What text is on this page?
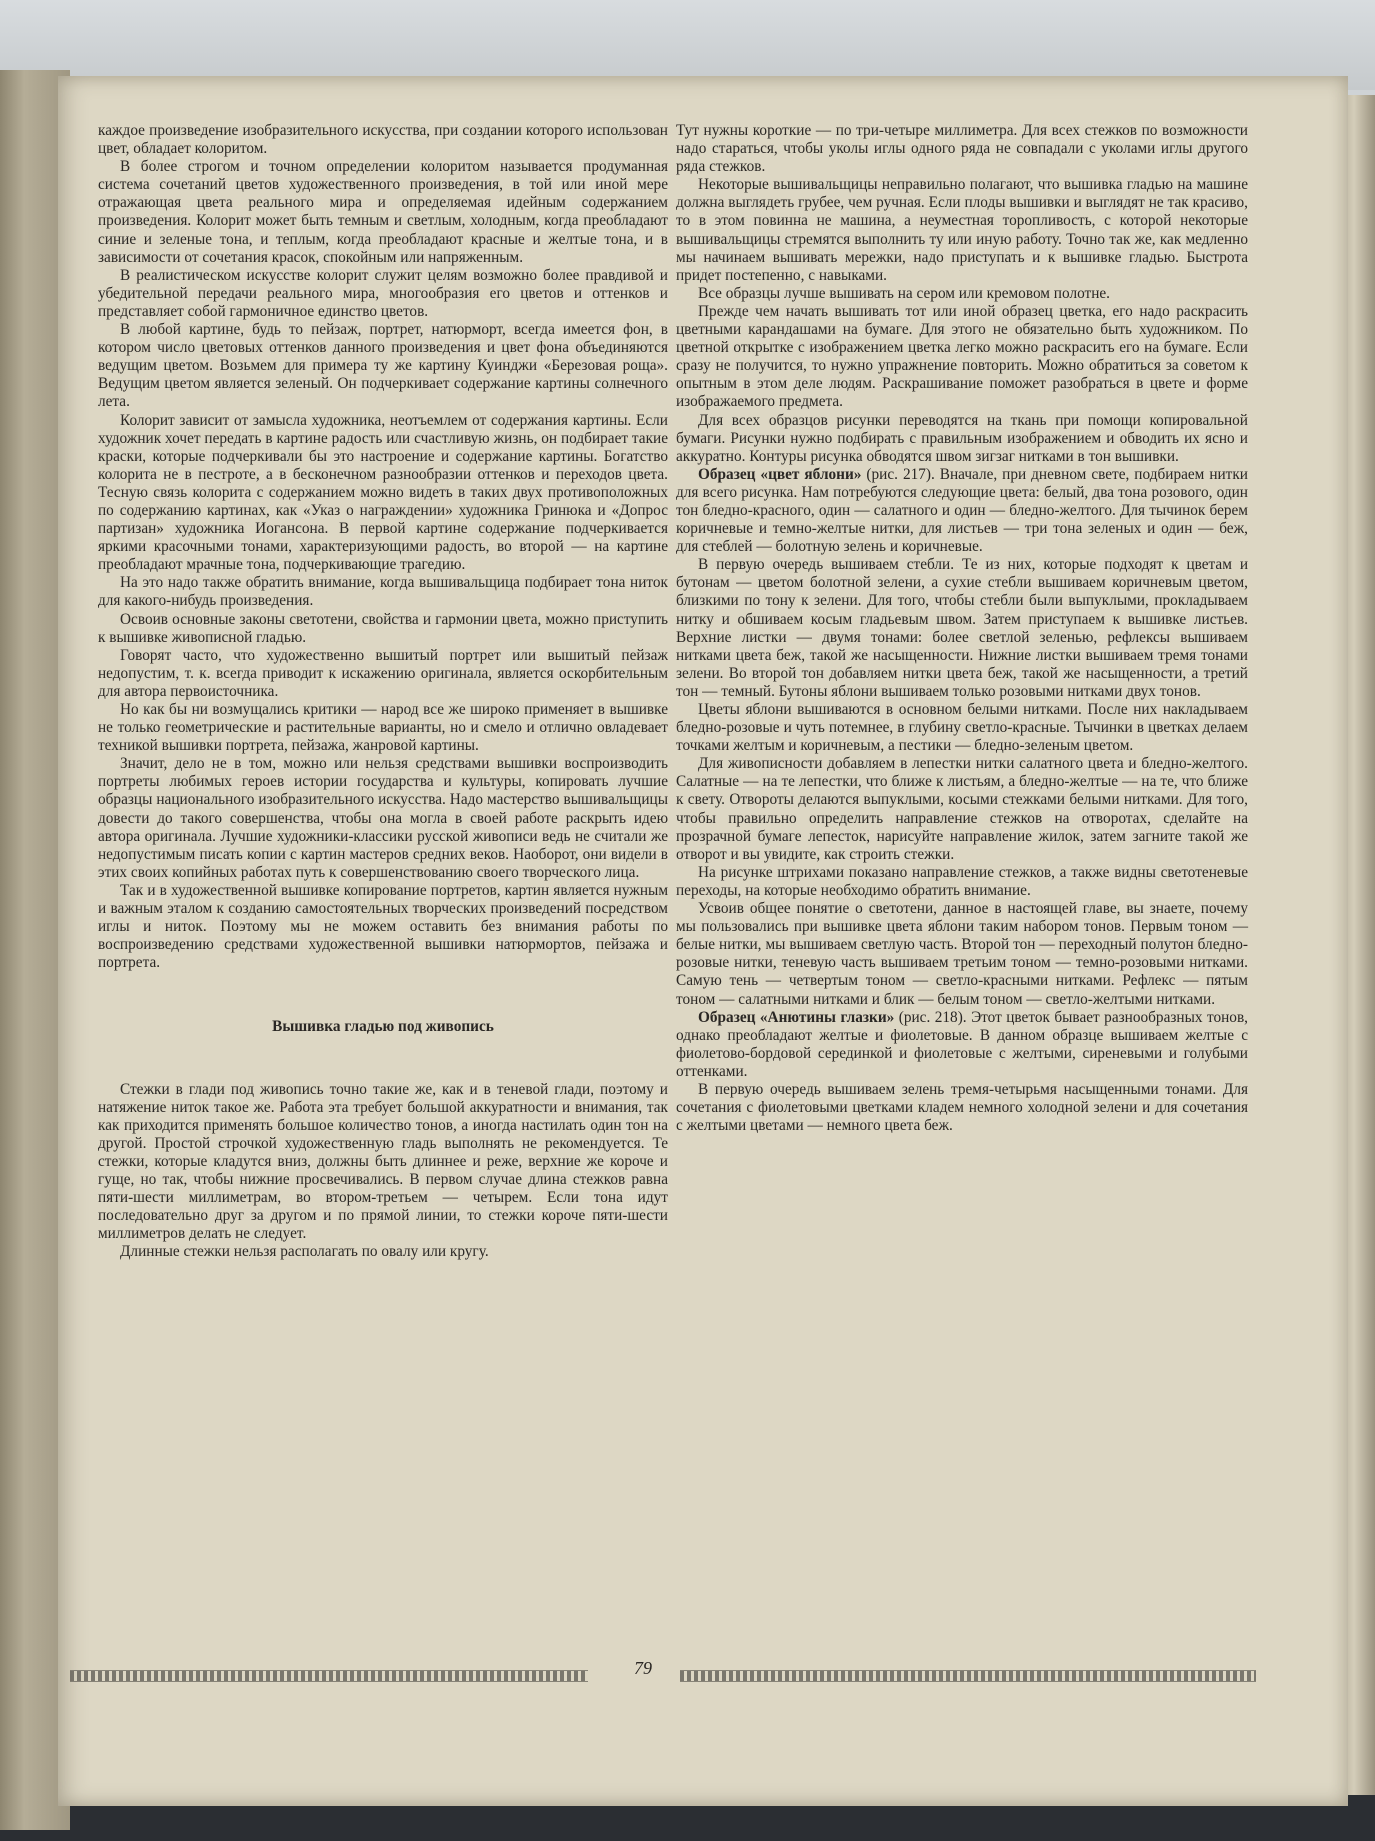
каждое произведение изобразительного искусства, при создании которого использован цвет, обладает колоритом.

В более строгом и точном определении колоритом называется продуманная система сочетаний цветов художественного произведения, в той или иной мере отражающая цвета реального мира и определяемая идейным содержанием произведения. Колорит может быть темным и светлым, холодным, когда преобладают синие и зеленые тона, и теплым, когда преобладают красные и желтые тона, и в зависимости от сочетания красок, спокойным или напряженным.

В реалистическом искусстве колорит служит целям возможно более правдивой и убедительной передачи реального мира, многообразия его цветов и оттенков и представляет собой гармоничное единство цветов.

В любой картине, будь то пейзаж, портрет, натюрморт, всегда имеется фон, в котором число цветовых оттенков данного произведения и цвет фона объединяются ведущим цветом. Возьмем для примера ту же картину Куинджи «Березовая роща». Ведущим цветом является зеленый. Он подчеркивает содержание картины солнечного лета.

Колорит зависит от замысла художника, неотъемлем от содержания картины. Если художник хочет передать в картине радость или счастливую жизнь, он подбирает такие краски, которые подчеркивали бы это настроение и содержание картины. Богатство колорита не в пестроте, а в бесконечном разнообразии оттенков и переходов цвета. Тесную связь колорита с содержанием можно видеть в таких двух противоположных по содержанию картинах, как «Указ о награждении» художника Гринюка и «Допрос партизан» художника Иогансона. В первой картине содержание подчеркивается яркими красочными тонами, характеризующими радость, во второй — на картине преобладают мрачные тона, подчеркивающие трагедию.

На это надо также обратить внимание, когда вышивальщица подбирает тона ниток для какого-нибудь произведения.

Освоив основные законы светотени, свойства и гармонии цвета, можно приступить к вышивке живописной гладью.

Говорят часто, что художественно вышитый портрет или вышитый пейзаж недопустим, т. к. всегда приводит к искажению оригинала, является оскорбительным для автора первоисточника.

Но как бы ни возмущались критики — народ все же широко применяет в вышивке не только геометрические и растительные варианты, но и смело и отлично овладевает техникой вышивки портрета, пейзажа, жанровой картины.

Значит, дело не в том, можно или нельзя средствами вышивки воспроизводить портреты любимых героев истории государства и культуры, копировать лучшие образцы национального изобразительного искусства. Надо мастерство вышивальщицы довести до такого совершенства, чтобы она могла в своей работе раскрыть идею автора оригинала. Лучшие художники-классики русской живописи ведь не считали же недопустимым писать копии с картин мастеров средних веков. Наоборот, они видели в этих своих копийных работах путь к совершенствованию своего творческого лица.

Так и в художественной вышивке копирование портретов, картин является нужным и важным эталом к созданию самостоятельных творческих произведений посредством иглы и ниток. Поэтому мы не можем оставить без внимания работы по воспроизведению средствами художественной вышивки натюрмортов, пейзажа и портрета.

Вышивка гладью под живопись

Стежки в глади под живопись точно такие же, как и в теневой глади, поэтому и натяжение ниток такое же. Работа эта требует большой аккуратности и внимания, так как приходится применять большое количество тонов, а иногда настилать один тон на другой. Простой строчкой художественную гладь выполнять не рекомендуется. Те стежки, которые кладутся вниз, должны быть длиннее и реже, верхние же короче и гуще, но так, чтобы нижние просвечивались. В первом случае длина стежков равна пяти-шести миллиметрам, во втором-третьем — четырем. Если тона идут последовательно друг за другом и по прямой линии, то стежки короче пяти-шести миллиметров делать не следует.

Длинные стежки нельзя располагать по овалу или кругу.

Тут нужны короткие — по три-четыре миллиметра. Для всех стежков по возможности надо стараться, чтобы уколы иглы одного ряда не совпадали с уколами иглы другого ряда стежков.

Некоторые вышивальщицы неправильно полагают, что вышивка гладью на машине должна выглядеть грубее, чем ручная. Если плоды вышивки и выглядят не так красиво, то в этом повинна не машина, а неуместная торопливость, с которой некоторые вышивальщицы стремятся выполнить ту или иную работу. Точно так же, как медленно мы начинаем вышивать мережки, надо приступать и к вышивке гладью. Быстрота придет постепенно, с навыками.

Все образцы лучше вышивать на сером или кремовом полотне.

Прежде чем начать вышивать тот или иной образец цветка, его надо раскрасить цветными карандашами на бумаге. Для этого не обязательно быть художником. По цветной открытке с изображением цветка легко можно раскрасить его на бумаге. Если сразу не получится, то нужно упражнение повторить. Можно обратиться за советом к опытным в этом деле людям. Раскрашивание поможет разобраться в цвете и форме изображаемого предмета.

Для всех образцов рисунки переводятся на ткань при помощи копировальной бумаги. Рисунки нужно подбирать с правильным изображением и обводить их ясно и аккуратно. Контуры рисунка обводятся швом зигзаг нитками в тон вышивки.

Образец «цвет яблони» (рис. 217). Вначале, при дневном свете, подбираем нитки для всего рисунка. Нам потребуются следующие цвета: белый, два тона розового, один тон бледно-красного, один — салатного и один — бледно-желтого. Для тычинок берем коричневые и темно-желтые нитки, для листьев — три тона зеленых и один — беж, для стеблей — болотную зелень и коричневые.

В первую очередь вышиваем стебли. Те из них, которые подходят к цветам и бутонам — цветом болотной зелени, а сухие стебли вышиваем коричневым цветом, близкими по тону к зелени. Для того, чтобы стебли были выпуклыми, прокладываем нитку и обшиваем косым гладьевым швом. Затем приступаем к вышивке листьев. Верхние листки — двумя тонами: более светлой зеленью, рефлексы вышиваем нитками цвета беж, такой же насыщенности. Нижние листки вышиваем тремя тонами зелени. Во второй тон добавляем нитки цвета беж, такой же насыщенности, а третий тон — темный. Бутоны яблони вышиваем только розовыми нитками двух тонов.

Цветы яблони вышиваются в основном белыми нитками. После них накладываем бледно-розовые и чуть потемнее, в глубину светло-красные. Тычинки в цветках делаем точками желтым и коричневым, а пестики — бледно-зеленым цветом.

Для живописности добавляем в лепестки нитки салатного цвета и бледно-желтого. Салатные — на те лепестки, что ближе к листьям, а бледно-желтые — на те, что ближе к свету. Отвороты делаются выпуклыми, косыми стежками белыми нитками. Для того, чтобы правильно определить направление стежков на отворотах, сделайте на прозрачной бумаге лепесток, нарисуйте направление жилок, затем загните такой же отворот и вы увидите, как строить стежки.

На рисунке штрихами показано направление стежков, а также видны светотеневые переходы, на которые необходимо обратить внимание.

Усвоив общее понятие о светотени, данное в настоящей главе, вы знаете, почему мы пользовались при вышивке цвета яблони таким набором тонов. Первым тоном — белые нитки, мы вышиваем светлую часть. Второй тон — переходный полутон бледно-розовые нитки, теневую часть вышиваем третьим тоном — темно-розовыми нитками. Самую тень — четвертым тоном — светло-красными нитками. Рефлекс — пятым тоном — салатными нитками и блик — белым тоном — светло-желтыми нитками.

Образец «Анютины глазки» (рис. 218). Этот цветок бывает разнообразных тонов, однако преобладают желтые и фиолетовые. В данном образце вышиваем желтые с фиолетово-бордовой серединкой и фиолетовые с желтыми, сиреневыми и голубыми оттенками.

В первую очередь вышиваем зелень тремя-четырьмя насыщенными тонами. Для сочетания с фиолетовыми цветками кладем немного холодной зелени и для сочетания с желтыми цветами — немного цвета беж.

79
